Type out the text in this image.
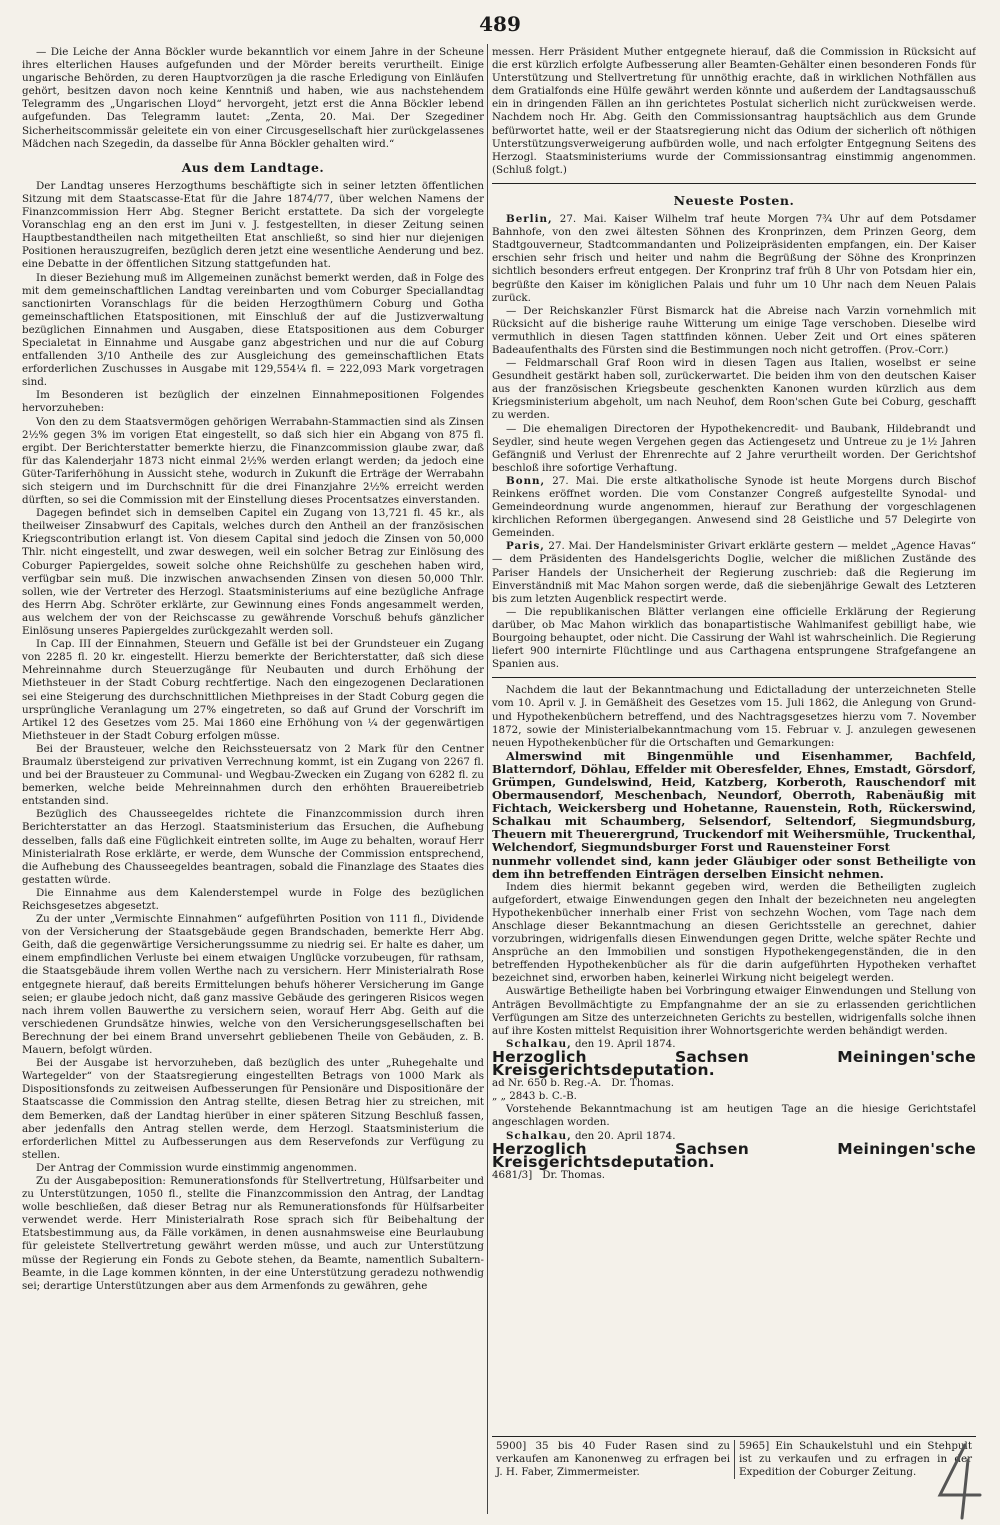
489

— Die Leiche der Anna Böckler wurde bekanntlich vor einem Jahre in der Scheune ihres elterlichen Hauses aufgefunden und der Mörder bereits verurtheilt. Einige ungarische Behörden, zu deren Hauptvorzügen ja die rasche Erledigung von Einläufen gehört, besitzen davon noch keine Kenntniß und haben, wie aus nachstehendem Telegramm des „Ungarischen Lloyd“ hervorgeht, jetzt erst die Anna Böckler lebend aufgefunden. Das Telegramm lautet: „Zenta, 20. Mai. Der Szegediner Sicherheitscommissär geleitete ein von einer Circusgesellschaft hier zurückgelassenes Mädchen nach Szegedin, da dasselbe für Anna Böckler gehalten wird.“

Aus dem Landtage.

Der Landtag unseres Herzogthums beschäftigte sich in seiner letzten öffentlichen Sitzung mit dem Staatscasse-Etat für die Jahre 1874/77, über welchen Namens der Finanzcommission Herr Abg. Stegner Bericht erstattete. Da sich der vorgelegte Voranschlag eng an den erst im Juni v. J. festgestellten, in dieser Zeitung seinen Hauptbestandtheilen nach mitgetheilten Etat anschließt, so sind hier nur diejenigen Positionen herauszugreifen, bezüglich deren jetzt eine wesentliche Aenderung und bez. eine Debatte in der öffentlichen Sitzung stattgefunden hat.

In dieser Beziehung muß im Allgemeinen zunächst bemerkt werden, daß in Folge des mit dem gemeinschaftlichen Landtag vereinbarten und vom Coburger Speciallandtag sanctionirten Voranschlags für die beiden Herzogthümern Coburg und Gotha gemeinschaftlichen Etatspositionen, mit Einschluß der auf die Justizverwaltung bezüglichen Einnahmen und Ausgaben, diese Etatspositionen aus dem Coburger Specialetat in Einnahme und Ausgabe ganz abgestrichen und nur die auf Coburg entfallenden 3/10 Antheile des zur Ausgleichung des gemeinschaftlichen Etats erforderlichen Zuschusses in Ausgabe mit 129,554¼ fl. = 222,093 Mark vorgetragen sind.

Im Besonderen ist bezüglich der einzelnen Einnahmepositionen Folgendes hervorzuheben:

Von den zu dem Staatsvermögen gehörigen Werrabahn-Stammactien sind als Zinsen 2½% gegen 3% im vorigen Etat eingestellt, so daß sich hier ein Abgang von 875 fl. ergibt. Der Berichterstatter bemerkte hierzu, die Finanzcommission glaube zwar, daß für das Kalenderjahr 1873 nicht einmal 2½% werden erlangt werden; da jedoch eine Güter-Tariferhöhung in Aussicht stehe, wodurch in Zukunft die Erträge der Werrabahn sich steigern und im Durchschnitt für die drei Finanzjahre 2½% erreicht werden dürften, so sei die Commission mit der Einstellung dieses Procentsatzes einverstanden.

Dagegen befindet sich in demselben Capitel ein Zugang von 13,721 fl. 45 kr., als theilweiser Zinsabwurf des Capitals, welches durch den Antheil an der französischen Kriegscontribution erlangt ist. Von diesem Capital sind jedoch die Zinsen von 50,000 Thlr. nicht eingestellt, und zwar deswegen, weil ein solcher Betrag zur Einlösung des Coburger Papiergeldes, soweit solche ohne Reichshülfe zu geschehen haben wird, verfügbar sein muß. Die inzwischen anwachsenden Zinsen von diesen 50,000 Thlr. sollen, wie der Vertreter des Herzogl. Staatsministeriums auf eine bezügliche Anfrage des Herrn Abg. Schröter erklärte, zur Gewinnung eines Fonds angesammelt werden, aus welchem der von der Reichscasse zu gewährende Vorschuß behufs gänzlicher Einlösung unseres Papiergeldes zurückgezahlt werden soll.

In Cap. III der Einnahmen, Steuern und Gefälle ist bei der Grundsteuer ein Zugang von 2285 fl. 20 kr. eingestellt. Hierzu bemerkte der Berichterstatter, daß sich diese Mehreinnahme durch Steuerzugänge für Neubauten und durch Erhöhung der Miethsteuer in der Stadt Coburg rechtfertige. Nach den eingezogenen Declarationen sei eine Steigerung des durchschnittlichen Miethpreises in der Stadt Coburg gegen die ursprüngliche Veranlagung um 27% eingetreten, so daß auf Grund der Vorschrift im Artikel 12 des Gesetzes vom 25. Mai 1860 eine Erhöhung von ¼ der gegenwärtigen Miethsteuer in der Stadt Coburg erfolgen müsse.

Bei der Brausteuer, welche den Reichssteuersatz von 2 Mark für den Centner Braumalz übersteigend zur privativen Verrechnung kommt, ist ein Zugang von 2267 fl. und bei der Brausteuer zu Communal- und Wegbau-Zwecken ein Zugang von 6282 fl. zu bemerken, welche beide Mehreinnahmen durch den erhöhten Brauereibetrieb entstanden sind.

Bezüglich des Chausseegeldes richtete die Finanzcommission durch ihren Berichterstatter an das Herzogl. Staatsministerium das Ersuchen, die Aufhebung desselben, falls daß eine Füglichkeit eintreten sollte, im Auge zu behalten, worauf Herr Ministerialrath Rose erklärte, er werde, dem Wunsche der Commission entsprechend, die Aufhebung des Chausseegeldes beantragen, sobald die Finanzlage des Staates dies gestatten würde.

Die Einnahme aus dem Kalenderstempel wurde in Folge des bezüglichen Reichsgesetzes abgesetzt.

Zu der unter „Vermischte Einnahmen“ aufgeführten Position von 111 fl., Dividende von der Versicherung der Staatsgebäude gegen Brandschaden, bemerkte Herr Abg. Geith, daß die gegenwärtige Versicherungssumme zu niedrig sei. Er halte es daher, um einem empfindlichen Verluste bei einem etwaigen Unglücke vorzubeugen, für rathsam, die Staatsgebäude ihrem vollen Werthe nach zu versichern. Herr Ministerialrath Rose entgegnete hierauf, daß bereits Ermittelungen behufs höherer Versicherung im Gange seien; er glaube jedoch nicht, daß ganz massive Gebäude des geringeren Risicos wegen nach ihrem vollen Bauwerthe zu versichern seien, worauf Herr Abg. Geith auf die verschiedenen Grundsätze hinwies, welche von den Versicherungsgesellschaften bei Berechnung der bei einem Brand unversehrt gebliebenen Theile von Gebäuden, z. B. Mauern, befolgt würden.

Bei der Ausgabe ist hervorzuheben, daß bezüglich des unter „Ruhegehalte und Wartegelder“ von der Staatsregierung eingestellten Betrags von 1000 Mark als Dispositionsfonds zu zeitweisen Aufbesserungen für Pensionäre und Dispositionäre der Staatscasse die Commission den Antrag stellte, diesen Betrag hier zu streichen, mit dem Bemerken, daß der Landtag hierüber in einer späteren Sitzung Beschluß fassen, aber jedenfalls den Antrag stellen werde, dem Herzogl. Staatsministerium die erforderlichen Mittel zu Aufbesserungen aus dem Reservefonds zur Verfügung zu stellen.

Der Antrag der Commission wurde einstimmig angenommen.

Zu der Ausgabeposition: Remunerationsfonds für Stellvertretung, Hülfsarbeiter und zu Unterstützungen, 1050 fl., stellte die Finanzcommission den Antrag, der Landtag wolle beschließen, daß dieser Betrag nur als Remunerationsfonds für Hülfsarbeiter verwendet werde. Herr Ministerialrath Rose sprach sich für Beibehaltung der Etatsbestimmung aus, da Fälle vorkämen, in denen ausnahmsweise eine Beurlaubung für geleistete Stellvertretung gewährt werden müsse, und auch zur Unterstützung müsse der Regierung ein Fonds zu Gebote stehen, da Beamte, namentlich Subaltern-Beamte, in die Lage kommen könnten, in der eine Unterstützung geradezu nothwendig sei; derartige Unterstützungen aber aus dem Armenfonds zu gewähren, gehe

messen. Herr Präsident Muther entgegnete hierauf, daß die Commission in Rücksicht auf die erst kürzlich erfolgte Aufbesserung aller Beamten-Gehälter einen besonderen Fonds für Unterstützung und Stellvertretung für unnöthig erachte, daß in wirklichen Nothfällen aus dem Gratialfonds eine Hülfe gewährt werden könnte und außerdem der Landtagsausschuß ein in dringenden Fällen an ihn gerichtetes Postulat sicherlich nicht zurückweisen werde. Nachdem noch Hr. Abg. Geith den Commissionsantrag hauptsächlich aus dem Grunde befürwortet hatte, weil er der Staatsregierung nicht das Odium der sicherlich oft nöthigen Unterstützungsverweigerung aufbürden wolle, und nach erfolgter Entgegnung Seitens des Herzogl. Staatsministeriums wurde der Commissionsantrag einstimmig angenommen. (Schluß folgt.)

Neueste Posten.

Berlin, 27. Mai. Kaiser Wilhelm traf heute Morgen 7¾ Uhr auf dem Potsdamer Bahnhofe, von den zwei ältesten Söhnen des Kronprinzen, dem Prinzen Georg, dem Stadtgouverneur, Stadtcommandanten und Polizeipräsidenten empfangen, ein. Der Kaiser erschien sehr frisch und heiter und nahm die Begrüßung der Söhne des Kronprinzen sichtlich besonders erfreut entgegen. Der Kronprinz traf früh 8 Uhr von Potsdam hier ein, begrüßte den Kaiser im königlichen Palais und fuhr um 10 Uhr nach dem Neuen Palais zurück.

— Der Reichskanzler Fürst Bismarck hat die Abreise nach Varzin vornehmlich mit Rücksicht auf die bisherige rauhe Witterung um einige Tage verschoben. Dieselbe wird vermuthlich in diesen Tagen stattfinden können. Ueber Zeit und Ort eines späteren Badeaufenthalts des Fürsten sind die Bestimmungen noch nicht getroffen. (Prov.-Corr.)

— Feldmarschall Graf Roon wird in diesen Tagen aus Italien, woselbst er seine Gesundheit gestärkt haben soll, zurückerwartet. Die beiden ihm von den deutschen Kaiser aus der französischen Kriegsbeute geschenkten Kanonen wurden kürzlich aus dem Kriegsministerium abgeholt, um nach Neuhof, dem Roon'schen Gute bei Coburg, geschafft zu werden.

— Die ehemaligen Directoren der Hypothekencredit- und Baubank, Hildebrandt und Seydler, sind heute wegen Vergehen gegen das Actiengesetz und Untreue zu je 1½ Jahren Gefängniß und Verlust der Ehrenrechte auf 2 Jahre verurtheilt worden. Der Gerichtshof beschloß ihre sofortige Verhaftung.

Bonn, 27. Mai. Die erste altkatholische Synode ist heute Morgens durch Bischof Reinkens eröffnet worden. Die vom Constanzer Congreß aufgestellte Synodal- und Gemeindeordnung wurde angenommen, hierauf zur Berathung der vorgeschlagenen kirchlichen Reformen übergegangen. Anwesend sind 28 Geistliche und 57 Delegirte von Gemeinden.

Paris, 27. Mai. Der Handelsminister Grivart erklärte gestern — meldet „Agence Havas“ — dem Präsidenten des Handelsgerichts Doglie, welcher die mißlichen Zustände des Pariser Handels der Unsicherheit der Regierung zuschrieb: daß die Regierung im Einverständniß mit Mac Mahon sorgen werde, daß die siebenjährige Gewalt des Letzteren bis zum letzten Augenblick respectirt werde.

— Die republikanischen Blätter verlangen eine officielle Erklärung der Regierung darüber, ob Mac Mahon wirklich das bonapartistische Wahlmanifest gebilligt habe, wie Bourgoing behauptet, oder nicht. Die Cassirung der Wahl ist wahrscheinlich. Die Regierung liefert 900 internirte Flüchtlinge und aus Carthagena entsprungene Strafgefangene an Spanien aus.

Nachdem die laut der Bekanntmachung und Edictalladung der unterzeichneten Stelle vom 10. April v. J. in Gemäßheit des Gesetzes vom 15. Juli 1862, die Anlegung von Grund- und Hypothekenbüchern betreffend, und des Nachtragsgesetzes hierzu vom 7. November 1872, sowie der Ministerialbekanntmachung vom 15. Februar v. J. anzulegen gewesenen neuen Hypothekenbücher für die Ortschaften und Gemarkungen:

Almerswind mit Bingenmühle und Eisenhammer, Bachfeld, Blatterndorf, Döhlau, Effelder mit Oberesfelder, Ehnes, Emstadt, Görsdorf, Grümpen, Gundelswind, Heid, Katzberg, Korberoth, Rauschendorf mit Obermausendorf, Meschenbach, Neundorf, Oberroth, Rabenäußig mit Fichtach, Weickersberg und Hohetanne, Rauenstein, Roth, Rückerswind, Schalkau mit Schaumberg, Selsendorf, Seltendorf, Siegmundsburg, Theuern mit Theuerergrund, Truckendorf mit Weihersmühle, Truckenthal, Welchendorf, Siegmundsburger Forst und Rauensteiner Forst

nunmehr vollendet sind, kann jeder Gläubiger oder sonst Betheiligte von dem ihn betreffenden Einträgen derselben Einsicht nehmen.

Indem dies hiermit bekannt gegeben wird, werden die Betheiligten zugleich aufgefordert, etwaige Einwendungen gegen den Inhalt der bezeichneten neu angelegten Hypothekenbücher innerhalb einer Frist von sechzehn Wochen, vom Tage nach dem Anschlage dieser Bekanntmachung an diesen Gerichtsstelle an gerechnet, dahier vorzubringen, widrigenfalls diesen Einwendungen gegen Dritte, welche später Rechte und Ansprüche an den Immobilien und sonstigen Hypothekengegenständen, die in den betreffenden Hypothekenbücher als für die darin aufgeführten Hypotheken verhaftet bezeichnet sind, erworben haben, keinerlei Wirkung nicht beigelegt werden.

Auswärtige Betheiligte haben bei Vorbringung etwaiger Einwendungen und Stellung von Anträgen Bevollmächtigte zu Empfangnahme der an sie zu erlassenden gerichtlichen Verfügungen am Sitze des unterzeichneten Gerichts zu bestellen, widrigenfalls solche ihnen auf ihre Kosten mittelst Requisition ihrer Wohnortsgerichte werden behändigt werden.

Schalkau, den 19. April 1874.

Herzoglich Sachsen Meiningen'sche Kreisgerichtsdeputation.

ad Nr. 650 b. Reg.-A. Dr. Thomas.
„ „ 2843 b. C.-B.

Vorstehende Bekanntmachung ist am heutigen Tage an die hiesige Gerichtstafel angeschlagen worden.

Schalkau, den 20. April 1874.

Herzoglich Sachsen Meiningen'sche Kreisgerichtsdeputation.

4681/3] Dr. Thomas.
5900] 35 bis 40 Fuder Rasen sind zu verkaufen am Kanonenweg zu erfragen bei J. H. Faber, Zimmermeister.
5965] Ein Schaukelstuhl und ein Stehpult ist zu verkaufen und zu erfragen in der Expedition der Coburger Zeitung.
